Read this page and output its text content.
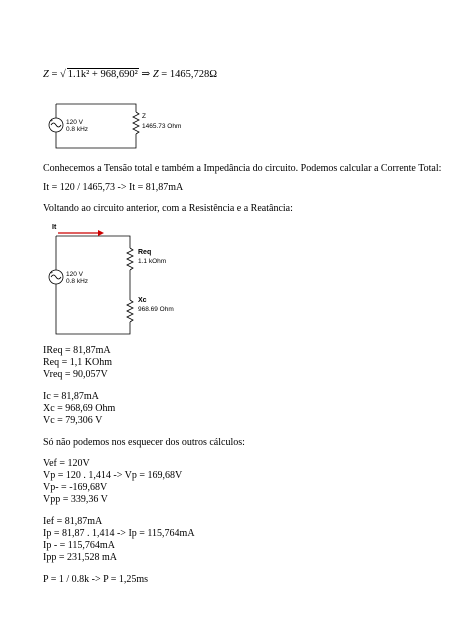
Z = √ 1.1k² + 968,690² ⇒ Z = 1465,728Ω
+ 120 V
0.8 kHz
Z
1465.73 Ohm
Conhecemos a Tensão total e também a Impedância do circuito. Podemos calcular a Corrente Total:
It = 120 / 1465,73 -> It = 81,87mA
Voltando ao circuito anterior, com a Resistência e a Reatância:
It
+ 120 V
0.8 kHz
Req
1.1 kOhm
Xc
968.69 Ohm
IReq = 81,87mA
Req = 1,1 KOhm
Vreq = 90,057V
Ic = 81,87mA
Xc = 968,69 Ohm
Vc = 79,306 V
Só não podemos nos esquecer dos outros cálculos:
Vef = 120V
Vp = 120 . 1,414 -> Vp = 169,68V
Vp- = -169,68V
Vpp = 339,36 V
Ief = 81,87mA
Ip = 81,87 . 1,414 -> Ip = 115,764mA
Ip - = 115,764mA
Ipp = 231,528 mA
P = 1 / 0.8k -> P = 1,25ms
